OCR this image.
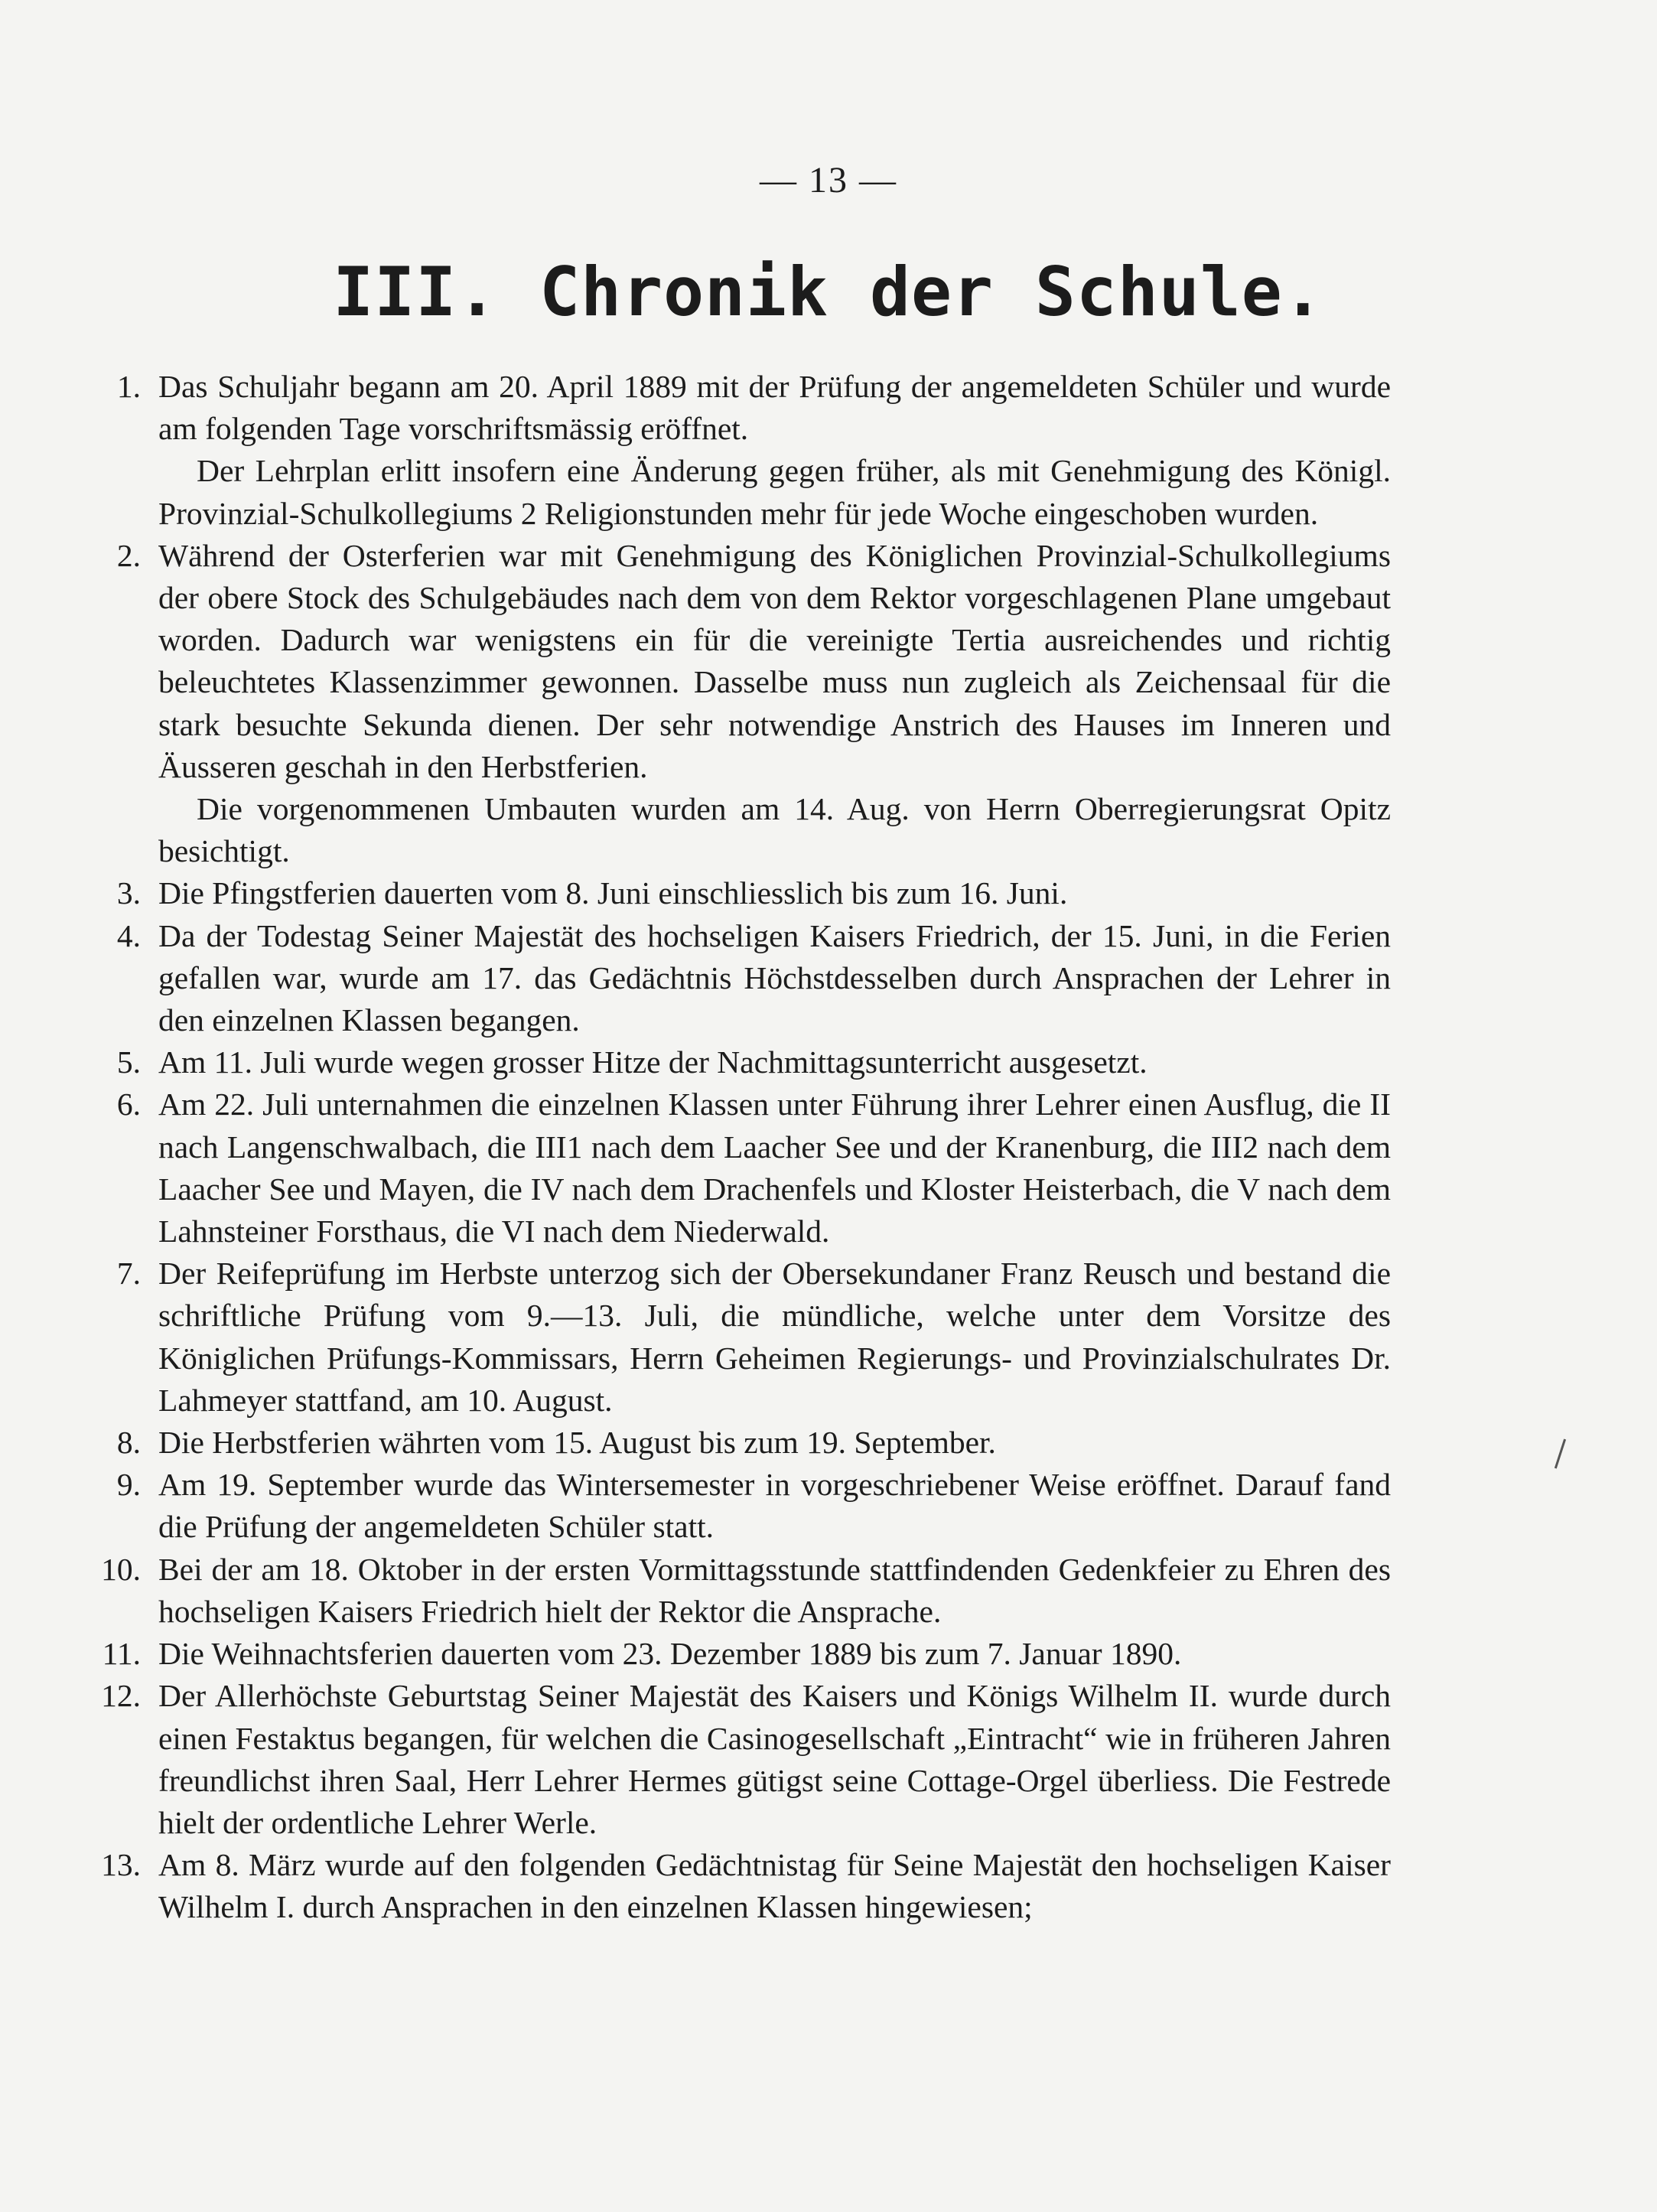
— 13 —
III. Chronik der Schule.
1. Das Schuljahr begann am 20. April 1889 mit der Prüfung der angemeldeten Schüler und wurde am folgenden Tage vorschriftsmässig eröffnet.
Der Lehrplan erlitt insofern eine Änderung gegen früher, als mit Genehmigung des Königl. Provinzial-Schulkollegiums 2 Religionstunden mehr für jede Woche eingeschoben wurden.
2. Während der Osterferien war mit Genehmigung des Königlichen Provinzial-Schulkollegiums der obere Stock des Schulgebäudes nach dem von dem Rektor vorgeschlagenen Plane umgebaut worden. Dadurch war wenigstens ein für die vereinigte Tertia ausreichendes und richtig beleuchtetes Klassenzimmer gewonnen. Dasselbe muss nun zugleich als Zeichensaal für die stark besuchte Sekunda dienen. Der sehr notwendige Anstrich des Hauses im Inneren und Äusseren geschah in den Herbstferien.
Die vorgenommenen Umbauten wurden am 14. Aug. von Herrn Oberregierungsrat Opitz besichtigt.
3. Die Pfingstferien dauerten vom 8. Juni einschliesslich bis zum 16. Juni.
4. Da der Todestag Seiner Majestät des hochseligen Kaisers Friedrich, der 15. Juni, in die Ferien gefallen war, wurde am 17. das Gedächtnis Höchstdesselben durch Ansprachen der Lehrer in den einzelnen Klassen begangen.
5. Am 11. Juli wurde wegen grosser Hitze der Nachmittagsunterricht ausgesetzt.
6. Am 22. Juli unternahmen die einzelnen Klassen unter Führung ihrer Lehrer einen Ausflug, die II nach Langenschwalbach, die III1 nach dem Laacher See und der Kranenburg, die III2 nach dem Laacher See und Mayen, die IV nach dem Drachenfels und Kloster Heisterbach, die V nach dem Lahnsteiner Forsthaus, die VI nach dem Niederwald.
7. Der Reifeprüfung im Herbste unterzog sich der Obersekundaner Franz Reusch und bestand die schriftliche Prüfung vom 9.—13. Juli, die mündliche, welche unter dem Vorsitze des Königlichen Prüfungs-Kommissars, Herrn Geheimen Regierungs- und Provinzialschulrates Dr. Lahmeyer stattfand, am 10. August.
8. Die Herbstferien währten vom 15. August bis zum 19. September.
9. Am 19. September wurde das Wintersemester in vorgeschriebener Weise eröffnet. Darauf fand die Prüfung der angemeldeten Schüler statt.
10. Bei der am 18. Oktober in der ersten Vormittagsstunde stattfindenden Gedenkfeier zu Ehren des hochseligen Kaisers Friedrich hielt der Rektor die Ansprache.
11. Die Weihnachtsferien dauerten vom 23. Dezember 1889 bis zum 7. Januar 1890.
12. Der Allerhöchste Geburtstag Seiner Majestät des Kaisers und Königs Wilhelm II. wurde durch einen Festaktus begangen, für welchen die Casinogesellschaft „Eintracht“ wie in früheren Jahren freundlichst ihren Saal, Herr Lehrer Hermes gütigst seine Cottage-Orgel überliess. Die Festrede hielt der ordentliche Lehrer Werle.
13. Am 8. März wurde auf den folgenden Gedächtnistag für Seine Majestät den hochseligen Kaiser Wilhelm I. durch Ansprachen in den einzelnen Klassen hingewiesen;
